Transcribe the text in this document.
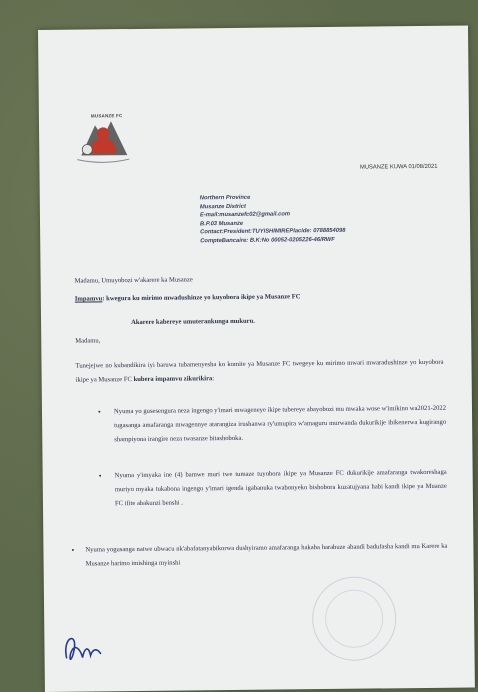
MUSANZE FC
MUSANZE KUWA 01/08/2021
Northern Province
Musanze District
E-mail:musanzefc02@gmail.com
B.P.03 Musanze
Contact:President:TUYISHIMIREPlacide: 0788854098
CompteBancaire: B.K:No 00052-0205226-46/RWF
Madamu, Umuyobozi w'akarere ka Musanze
Impamvu: kwegura ku mirimo mwadushinze yo kuyobora ikipe ya Musanze FC
Akarere kabereye umuterankunga mukuru.
Madamu,
Tunejejwe no kubandikira iyi baruwa tubamenyesha ko komite ya Musanze FC twegeye ku mirimo mwari mwaradushinze yo kuyobora ikipe ya Musanze FC kubera impamvu zikurikira:
• Nyuma yo gusesengura neza ingengo y'imari mwageneye ikipe tubereye abayobozi mu mwaka wose w'imikino wa2021-2022 tugasanga amafaranga mwagennye atarangiza irushanwa ry'umupira w'amaguru murwanda dukurikije ibikenerwa kugirango shampiyona irangire neza twasanze bitashoboka.
• Nyuma y'imyaka ine (4) bamwe muri twe tumaze tuyobora ikipe ya Musanze FC dukurikije amafaranga twakoreshaga muriyo myaka tukabona ingengo y'imari igenda igabanuka twabonyeko bishobora kuzatujyana habi kandi ikipe ya Muanze FC ifite abakunzi benshi .
• Nyuma yogusanga natwe ubwacu nk'abafatanyabikorwa dushyiramo amafaranga hakaba harabuze abandi badufasha kandi mu Karere ka Musanze harimo imishinga myinshi
